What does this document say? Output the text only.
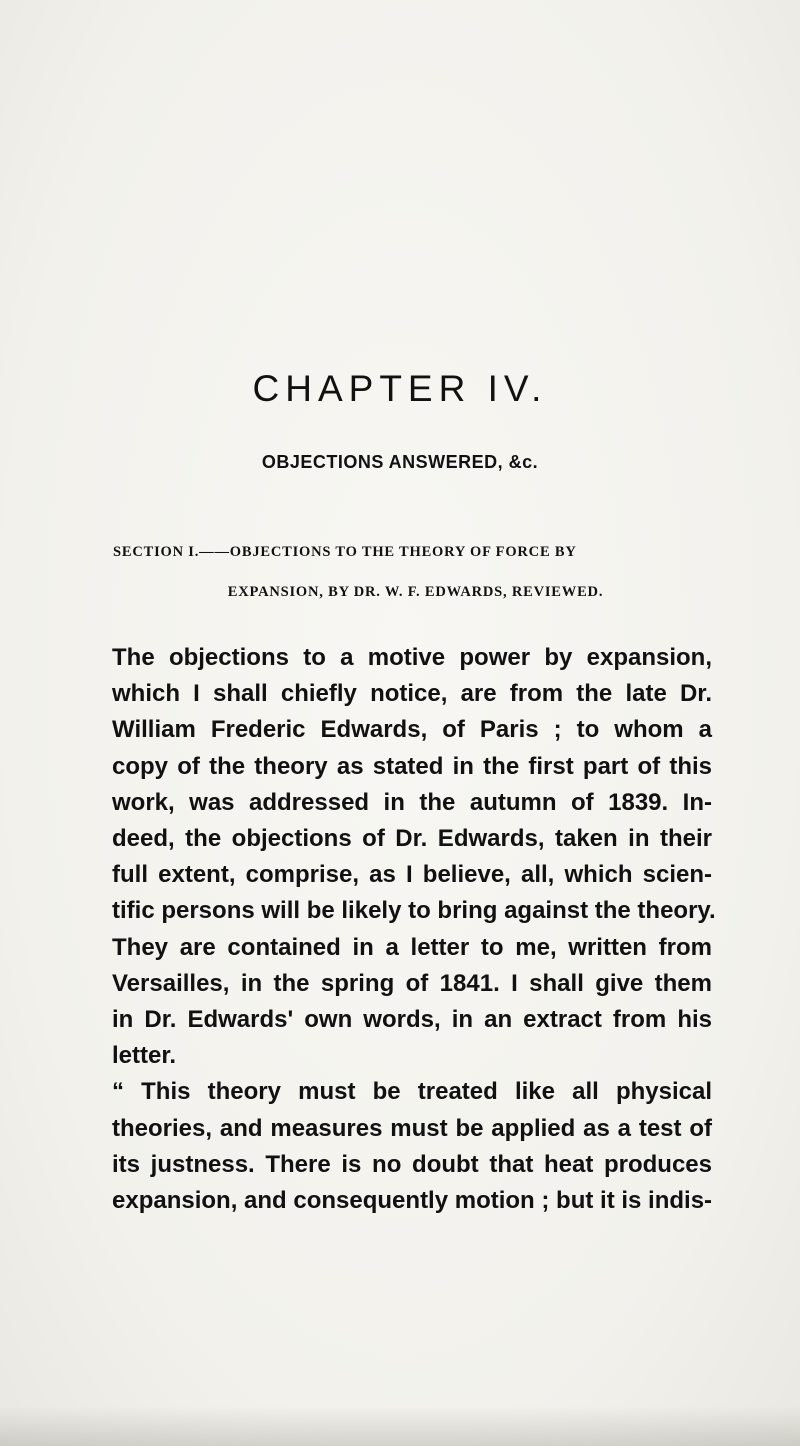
CHAPTER IV.
OBJECTIONS ANSWERED, &c.
SECTION I.——OBJECTIONS TO THE THEORY OF FORCE BY
EXPANSION, BY DR. W. F. EDWARDS, REVIEWED.
The objections to a motive power by expansion,
which I shall chiefly notice, are from the late Dr.
William Frederic Edwards, of Paris ; to whom a
copy of the theory as stated in the first part of this
work, was addressed in the autumn of 1839. In-
deed, the objections of Dr. Edwards, taken in their
full extent, comprise, as I believe, all, which scien-
tific persons will be likely to bring against the theory.
They are contained in a letter to me, written from
Versailles, in the spring of 1841. I shall give them
in Dr. Edwards' own words, in an extract from his
letter.
“ This theory must be treated like all physical
theories, and measures must be applied as a test of
its justness. There is no doubt that heat produces
expansion, and consequently motion ; but it is indis-
